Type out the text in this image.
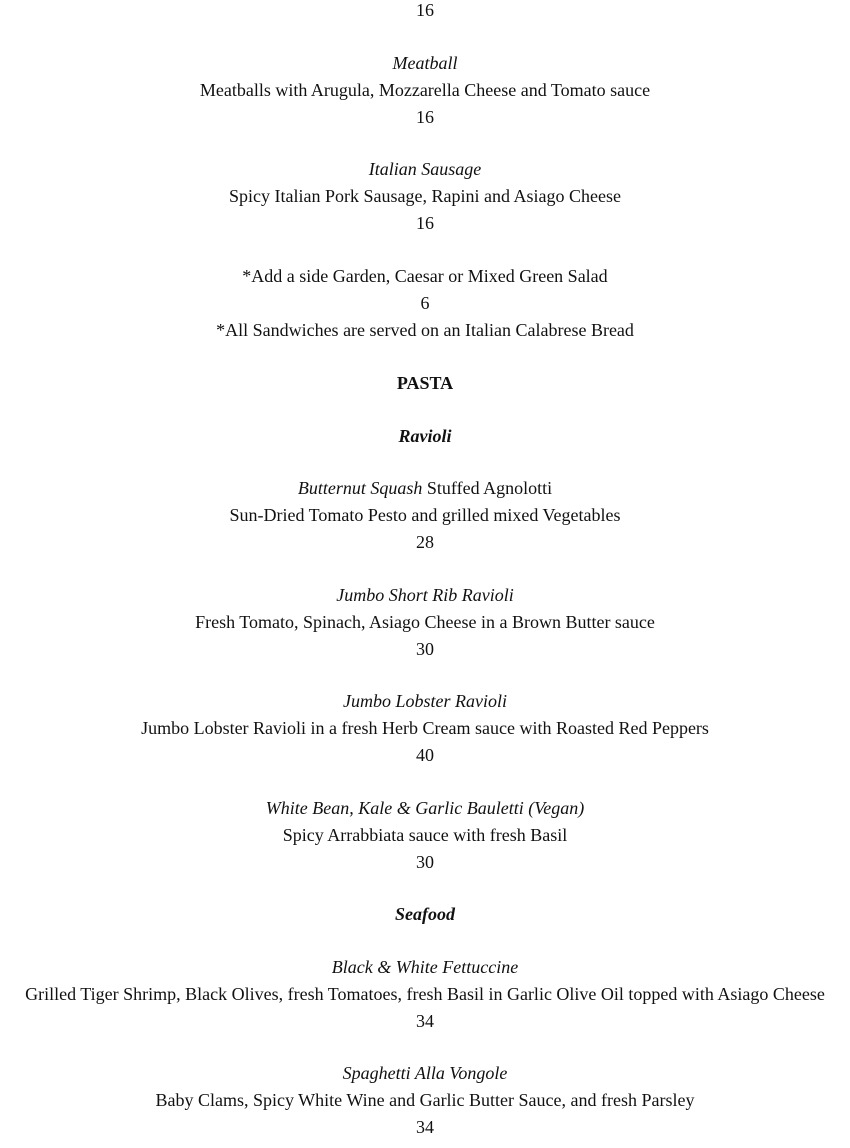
16
Meatball
Meatballs with Arugula, Mozzarella Cheese and Tomato sauce
16
Italian Sausage
Spicy Italian Pork Sausage, Rapini and Asiago Cheese
16
*Add a side Garden, Caesar or Mixed Green Salad
6
*All Sandwiches are served on an Italian Calabrese Bread
PASTA
Ravioli
Butternut Squash Stuffed Agnolotti
Sun-Dried Tomato Pesto and grilled mixed Vegetables
28
Jumbo Short Rib Ravioli
Fresh Tomato, Spinach, Asiago Cheese in a Brown Butter sauce
30
Jumbo Lobster Ravioli
Jumbo Lobster Ravioli in a fresh Herb Cream sauce with Roasted Red Peppers
40
White Bean, Kale & Garlic Bauletti (Vegan)
Spicy Arrabbiata sauce with fresh Basil
30
Seafood
Black & White Fettuccine
Grilled Tiger Shrimp, Black Olives, fresh Tomatoes, fresh Basil in Garlic Olive Oil topped with Asiago Cheese
34
Spaghetti Alla Vongole
Baby Clams, Spicy White Wine and Garlic Butter Sauce, and fresh Parsley
34
